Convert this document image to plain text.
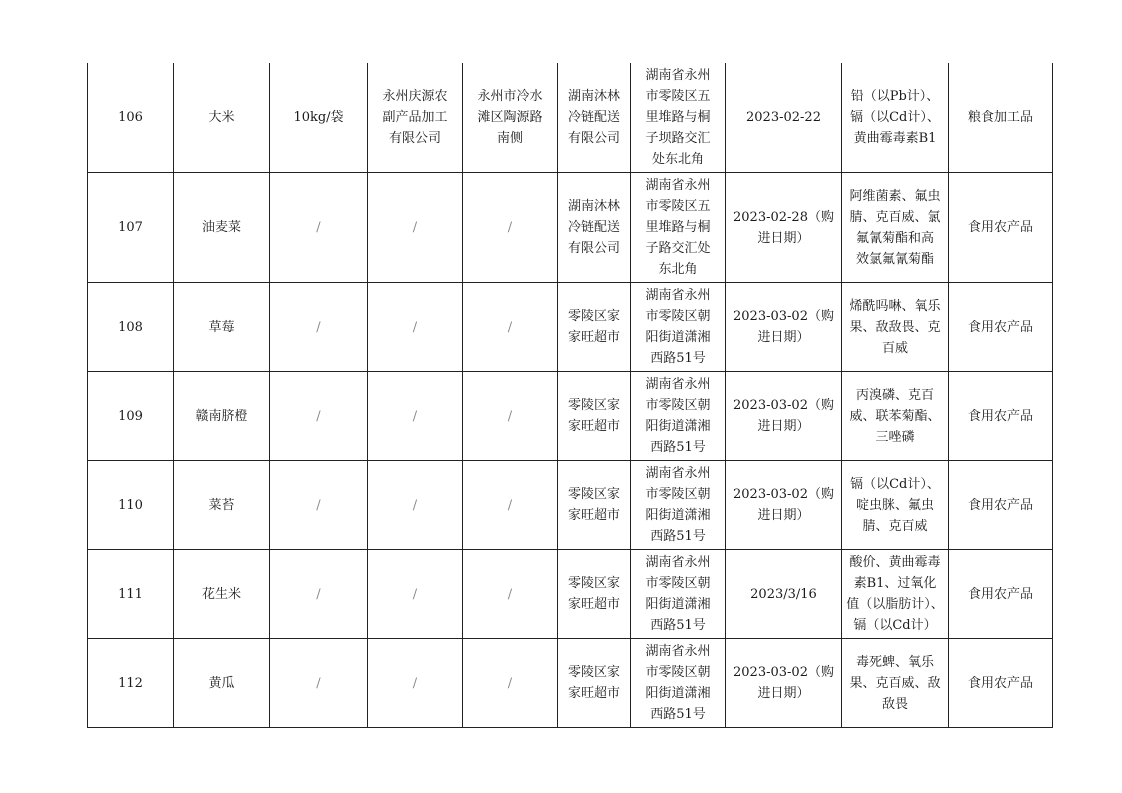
106	大米	10kg/袋	永州庆源农
副产品加工
有限公司	永州市冷水
滩区陶源路
南侧	湖南沐林
冷链配送
有限公司	湖南省永州
市零陵区五
里堆路与桐
子坝路交汇
处东北角	2023-02-22	铅（以Pb计）、
镉（以Cd计）、
黄曲霉毒素B1	粮食加工品
107	油麦菜	/	/	/	湖南沐林
冷链配送
有限公司	湖南省永州
市零陵区五
里堆路与桐
子路交汇处
东北角	2023-02-28（购
进日期）	阿维菌素、氟虫
腈、克百威、氯
氟氰菊酯和高
效氯氟氰菊酯	食用农产品
108	草莓	/	/	/	零陵区家
家旺超市	湖南省永州
市零陵区朝
阳街道潇湘
西路51号	2023-03-02（购
进日期）	烯酰吗啉、氧乐
果、敌敌畏、克
百威	食用农产品
109	赣南脐橙	/	/	/	零陵区家
家旺超市	湖南省永州
市零陵区朝
阳街道潇湘
西路51号	2023-03-02（购
进日期）	丙溴磷、克百
威、联苯菊酯、
三唑磷	食用农产品
110	菜苔	/	/	/	零陵区家
家旺超市	湖南省永州
市零陵区朝
阳街道潇湘
西路51号	2023-03-02（购
进日期）	镉（以Cd计）、
啶虫脒、氟虫
腈、克百威	食用农产品
111	花生米	/	/	/	零陵区家
家旺超市	湖南省永州
市零陵区朝
阳街道潇湘
西路51号	2023/3/16	酸价、黄曲霉毒
素B1、过氧化
值（以脂肪计）、
镉（以Cd计）	食用农产品
112	黄瓜	/	/	/	零陵区家
家旺超市	湖南省永州
市零陵区朝
阳街道潇湘
西路51号	2023-03-02（购
进日期）	毒死蜱、氧乐
果、克百威、敌
敌畏	食用农产品
